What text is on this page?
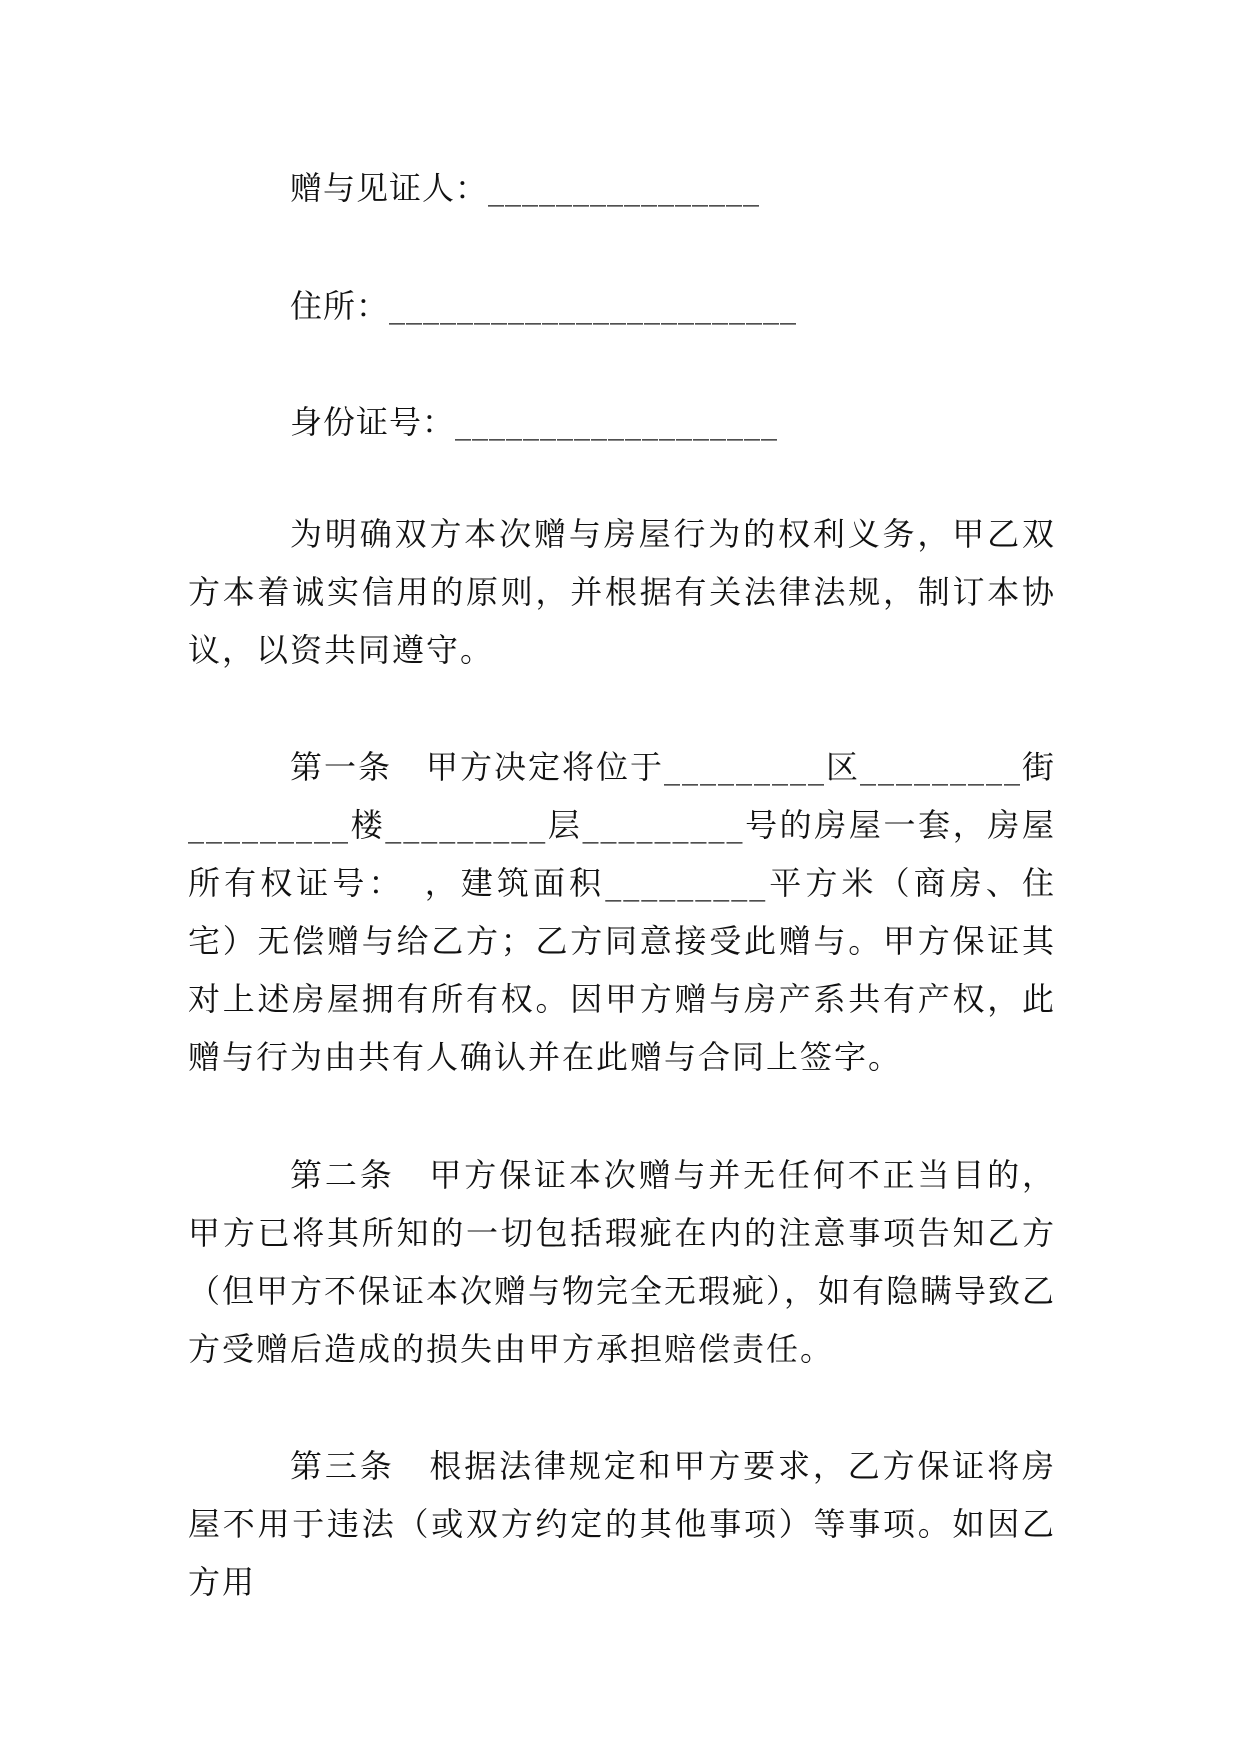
赠与见证人：________________
住所：________________________
身份证号：___________________

为明确双方本次赠与房屋行为的权利义务，甲乙双方本着诚实信用的原则，并根据有关法律法规，制订本协议，以资共同遵守。

第一条　甲方决定将位于_________区_________街_________楼_________层_________号的房屋一套，房屋所有权证号：　，建筑面积_________平方米（商房、住宅）无偿赠与给乙方；乙方同意接受此赠与。甲方保证其对上述房屋拥有所有权。因甲方赠与房产系共有产权，此赠与行为由共有人确认并在此赠与合同上签字。

第二条　甲方保证本次赠与并无任何不正当目的，甲方已将其所知的一切包括瑕疵在内的注意事项告知乙方（但甲方不保证本次赠与物完全无瑕疵），如有隐瞒导致乙方受赠后造成的损失由甲方承担赔偿责任。

第三条　根据法律规定和甲方要求，乙方保证将房屋不用于违法（或双方约定的其他事项）等事项。如因乙方用
